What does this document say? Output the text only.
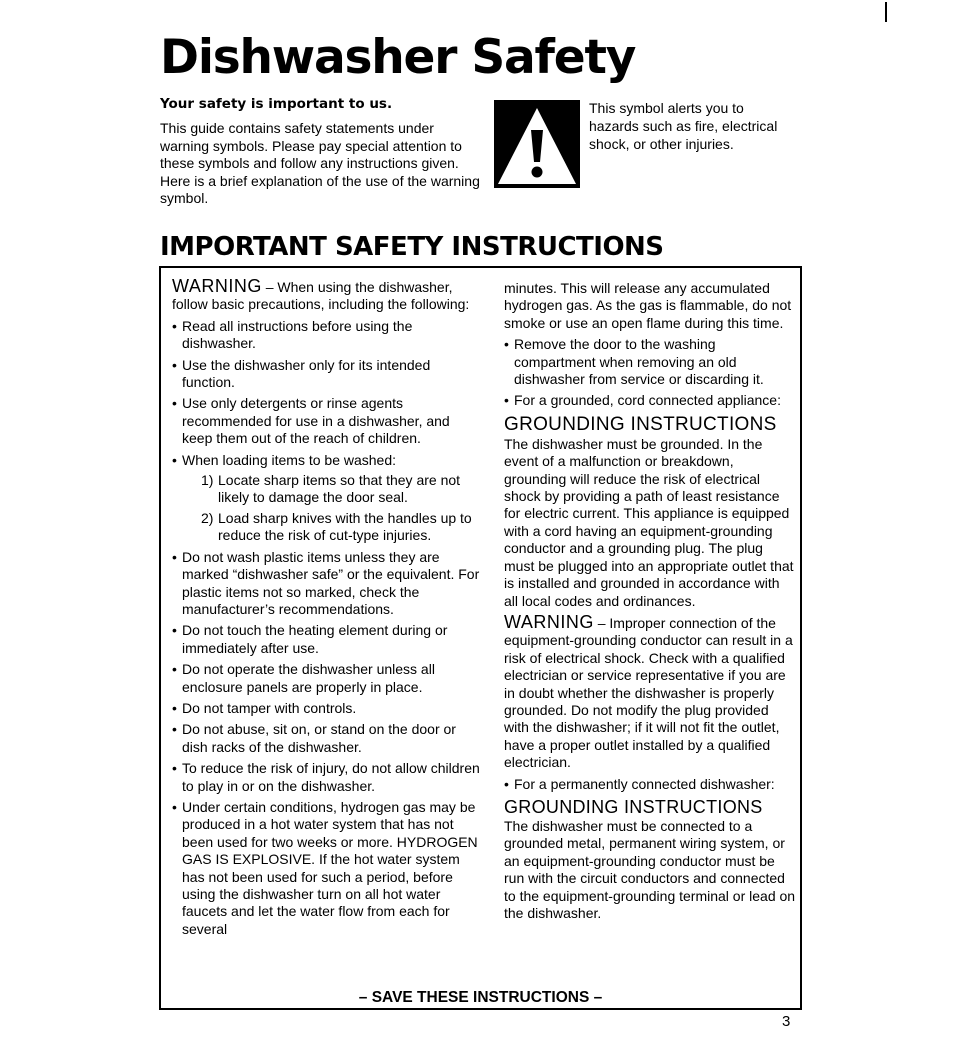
Dishwasher Safety

Your safety is important to us.

This guide contains safety statements under warning symbols. Please pay special attention to these symbols and follow any instructions given. Here is a brief explanation of the use of the warning symbol.

This symbol alerts you to hazards such as fire, electrical shock, or other injuries.
IMPORTANT SAFETY INSTRUCTIONS

WARNING – When using the dishwasher, follow basic precautions, including the following:

• Read all instructions before using the dishwasher.
• Use the dishwasher only for its intended function.
• Use only detergents or rinse agents recommended for use in a dishwasher, and keep them out of the reach of children.
• When loading items to be washed:
1) Locate sharp items so that they are not likely to damage the door seal.
2) Load sharp knives with the handles up to reduce the risk of cut-type injuries.
• Do not wash plastic items unless they are marked “dishwasher safe” or the equivalent. For plastic items not so marked, check the manufacturer’s recommendations.
• Do not touch the heating element during or immediately after use.
• Do not operate the dishwasher unless all enclosure panels are properly in place.
• Do not tamper with controls.
• Do not abuse, sit on, or stand on the door or dish racks of the dishwasher.
• To reduce the risk of injury, do not allow children to play in or on the dishwasher.
• Under certain conditions, hydrogen gas may be produced in a hot water system that has not been used for two weeks or more. HYDROGEN GAS IS EXPLOSIVE. If the hot water system has not been used for such a period, before using the dishwasher turn on all hot water faucets and let the water flow from each for several

minutes. This will release any accumulated hydrogen gas. As the gas is flammable, do not smoke or use an open flame during this time.

• Remove the door to the washing compartment when removing an old dishwasher from service or discarding it.
• For a grounded, cord connected appliance:
GROUNDING INSTRUCTIONS

The dishwasher must be grounded. In the event of a malfunction or breakdown, grounding will reduce the risk of electrical shock by providing a path of least resistance for electric current. This appliance is equipped with a cord having an equipment-grounding conductor and a grounding plug. The plug must be plugged into an appropriate outlet that is installed and grounded in accordance with all local codes and ordinances.

WARNING – Improper connection of the equipment-grounding conductor can result in a risk of electrical shock. Check with a qualified electrician or service representative if you are in doubt whether the dishwasher is properly grounded. Do not modify the plug provided with the dishwasher; if it will not fit the outlet, have a proper outlet installed by a qualified electrician.

• For a permanently connected dishwasher:
GROUNDING INSTRUCTIONS

The dishwasher must be connected to a grounded metal, permanent wiring system, or an equipment-grounding conductor must be run with the circuit conductors and connected to the equipment-grounding terminal or lead on the dishwasher.

– SAVE THESE INSTRUCTIONS –
3
